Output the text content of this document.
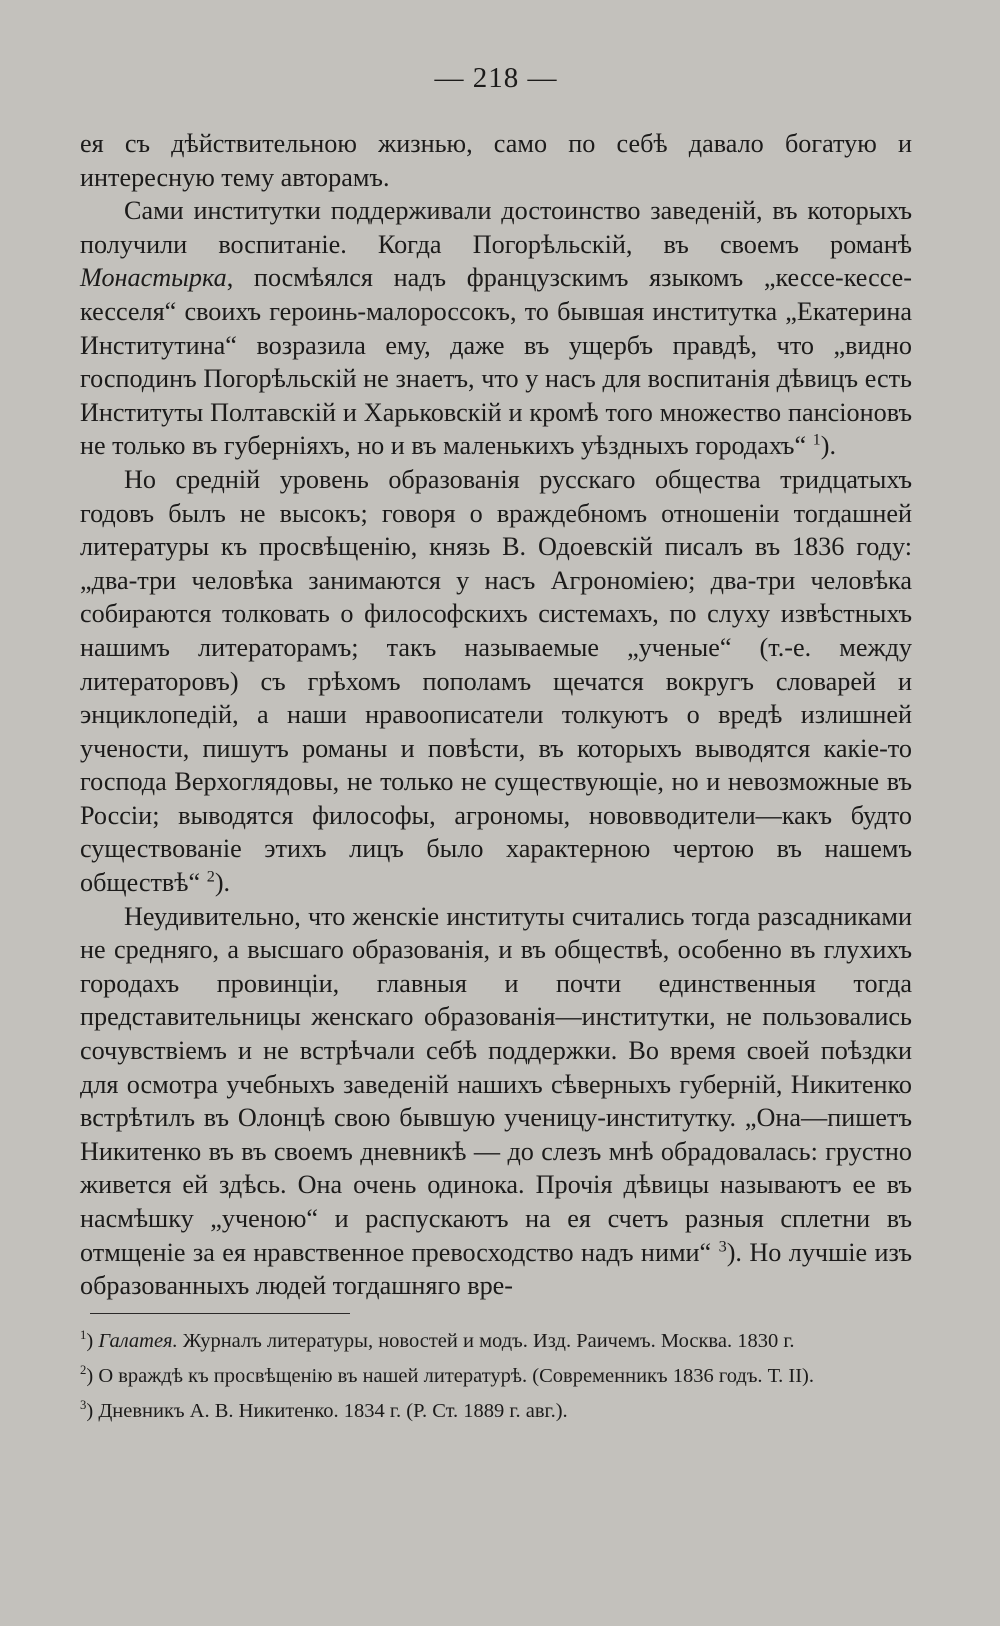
— 218 —

ея съ дѣйствительною жизнью, само по себѣ давало богатую и интересную тему авторамъ.

Сами институтки поддерживали достоинство заведеній, въ которыхъ получили воспитаніе. Когда Погорѣльскій, въ своемъ романѣ Монастырка, посмѣялся надъ французскимъ языкомъ „кессе-кессе-кесселя“ своихъ героинь-малороссокъ, то бывшая институтка „Екатерина Институтина“ возразила ему, даже въ ущербъ правдѣ, что „видно господинъ Погорѣльскій не знаетъ, что у насъ для воспитанія дѣвицъ есть Институты Полтавскій и Харьковскій и кромѣ того множество пансіоновъ не только въ губерніяхъ, но и въ маленькихъ уѣздныхъ городахъ“ $^1$).

Но средній уровень образованія русскаго общества тридцатыхъ годовъ былъ не высокъ; говоря о враждебномъ отношеніи тогдашней литературы къ просвѣщенію, князь В. Одоевскій писалъ въ 1836 году: „два-три человѣка занимаются у насъ Агрономіею; два-три человѣка собираются толковать о философскихъ системахъ, по слуху извѣстныхъ нашимъ литераторамъ; такъ называемые „ученые“ (т.-е. между литераторовъ) съ грѣхомъ пополамъ щечатся вокругъ словарей и энциклопедій, а наши нравоописатели толкуютъ о вредѣ излишней учености, пишутъ романы и повѣсти, въ которыхъ выводятся какіе-то господа Верхоглядовы, не только не существующіе, но и невозможные въ Россіи; выводятся философы, агрономы, нововводители—какъ будто существованіе этихъ лицъ было характерною чертою въ нашемъ обществѣ“ $^2$).

Неудивительно, что женскіе институты считались тогда разсадниками не средняго, а высшаго образованія, и въ обществѣ, особенно въ глухихъ городахъ провинціи, главныя и почти единственныя тогда представительницы женскаго образованія—институтки, не пользовались сочувствіемъ и не встрѣчали себѣ поддержки. Во время своей поѣздки для осмотра учебныхъ заведеній нашихъ сѣверныхъ губерній, Никитенко встрѣтилъ въ Олонцѣ свою бывшую ученицу-институтку. „Она—пишетъ Никитенко въ въ своемъ дневникѣ — до слезъ мнѣ обрадовалась: грустно живется ей здѣсь. Она очень одинока. Прочія дѣвицы называютъ ее въ насмѣшку „ученою“ и распускаютъ на ея счетъ разныя сплетни въ отмщеніе за ея нравственное превосходство надъ ними“ $^3$). Но лучшіе изъ образованныхъ людей тогдашняго вре-

$^1$) Галатея. Журналъ литературы, новостей и модъ. Изд. Раичемъ. Москва. 1830 г.

$^2$) О враждѣ къ просвѣщенію въ нашей литературѣ. (Современникъ 1836 годъ. Т. II).

$^3$) Дневникъ А. В. Никитенко. 1834 г. (Р. Ст. 1889 г. авг.).
